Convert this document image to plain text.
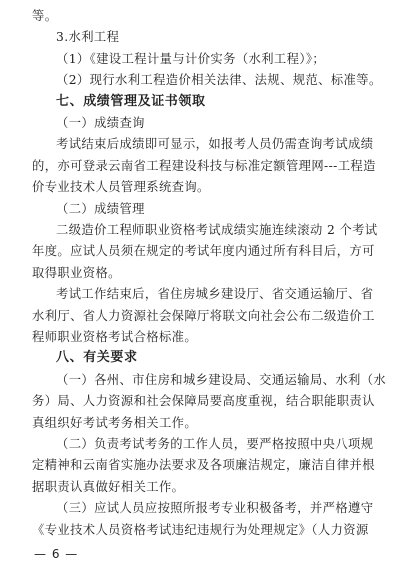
等。
3.水利工程
（1）《建设工程计量与计价实务（水利工程）》；
（2）现行水利工程造价相关法律、法规、规范、标准等。
七、成绩管理及证书领取
（一）成绩查询
考试结束后成绩即可显示，如报考人员仍需查询考试成绩
的，亦可登录云南省工程建设科技与标准定额管理网---工程造
价专业技术人员管理系统查询。
（二）成绩管理
二级造价工程师职业资格考试成绩实施连续滚动 2 个考试
年度。应试人员须在规定的考试年度内通过所有科目后，方可
取得职业资格。
考试工作结束后，省住房城乡建设厅、省交通运输厅、省
水利厅、省人力资源社会保障厅将联文向社会公布二级造价工
程师职业资格考试合格标准。
八、有关要求
（一）各州、市住房和城乡建设局、交通运输局、水利（水
务）局、人力资源和社会保障局要高度重视，结合职能职责认
真组织好考试考务相关工作。
（二）负责考试考务的工作人员，要严格按照中央八项规
定精神和云南省实施办法要求及各项廉洁规定，廉洁自律并根
据职责认真做好相关工作。
（三）应试人员应按照所报考专业积极备考，并严格遵守
《专业技术人员资格考试违纪违规行为处理规定》（人力资源
— 6 —
